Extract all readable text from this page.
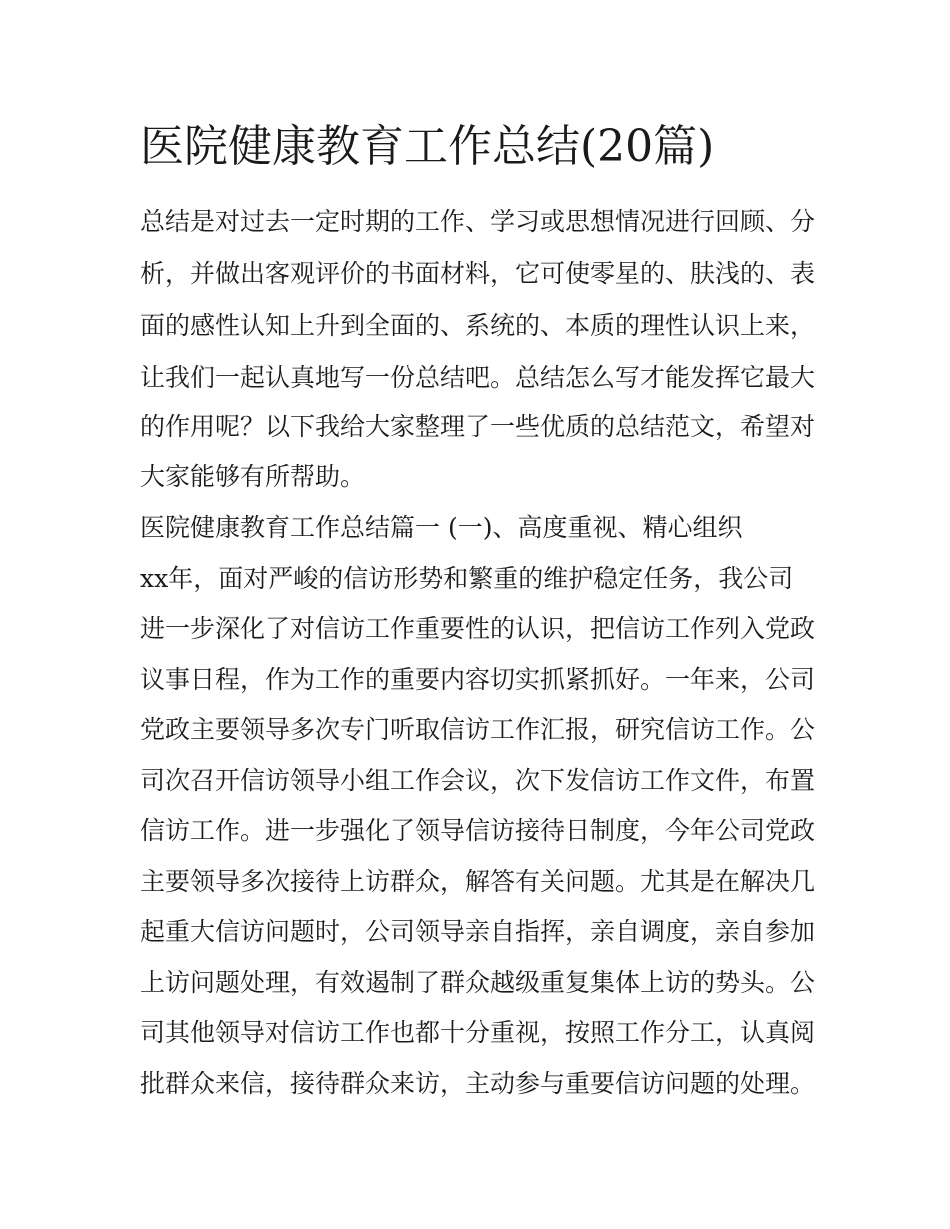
医院健康教育工作总结(20篇)

总结是对过去一定时期的工作、学习或思想情况进行回顾、分

析，并做出客观评价的书面材料，它可使零星的、肤浅的、表

面的感性认知上升到全面的、系统的、本质的理性认识上来，

让我们一起认真地写一份总结吧。总结怎么写才能发挥它最大

的作用呢？以下我给大家整理了一些优质的总结范文，希望对

大家能够有所帮助。

医院健康教育工作总结篇一 (一)、高度重视、精心组织

xx年，面对严峻的信访形势和繁重的维护稳定任务，我公司

进一步深化了对信访工作重要性的认识，把信访工作列入党政

议事日程，作为工作的重要内容切实抓紧抓好。一年来，公司

党政主要领导多次专门听取信访工作汇报，研究信访工作。公

司次召开信访领导小组工作会议，次下发信访工作文件，布置

信访工作。进一步强化了领导信访接待日制度，今年公司党政

主要领导多次接待上访群众，解答有关问题。尤其是在解决几

起重大信访问题时，公司领导亲自指挥，亲自调度，亲自参加

上访问题处理，有效遏制了群众越级重复集体上访的势头。公

司其他领导对信访工作也都十分重视，按照工作分工，认真阅

批群众来信，接待群众来访，主动参与重要信访问题的处理。
